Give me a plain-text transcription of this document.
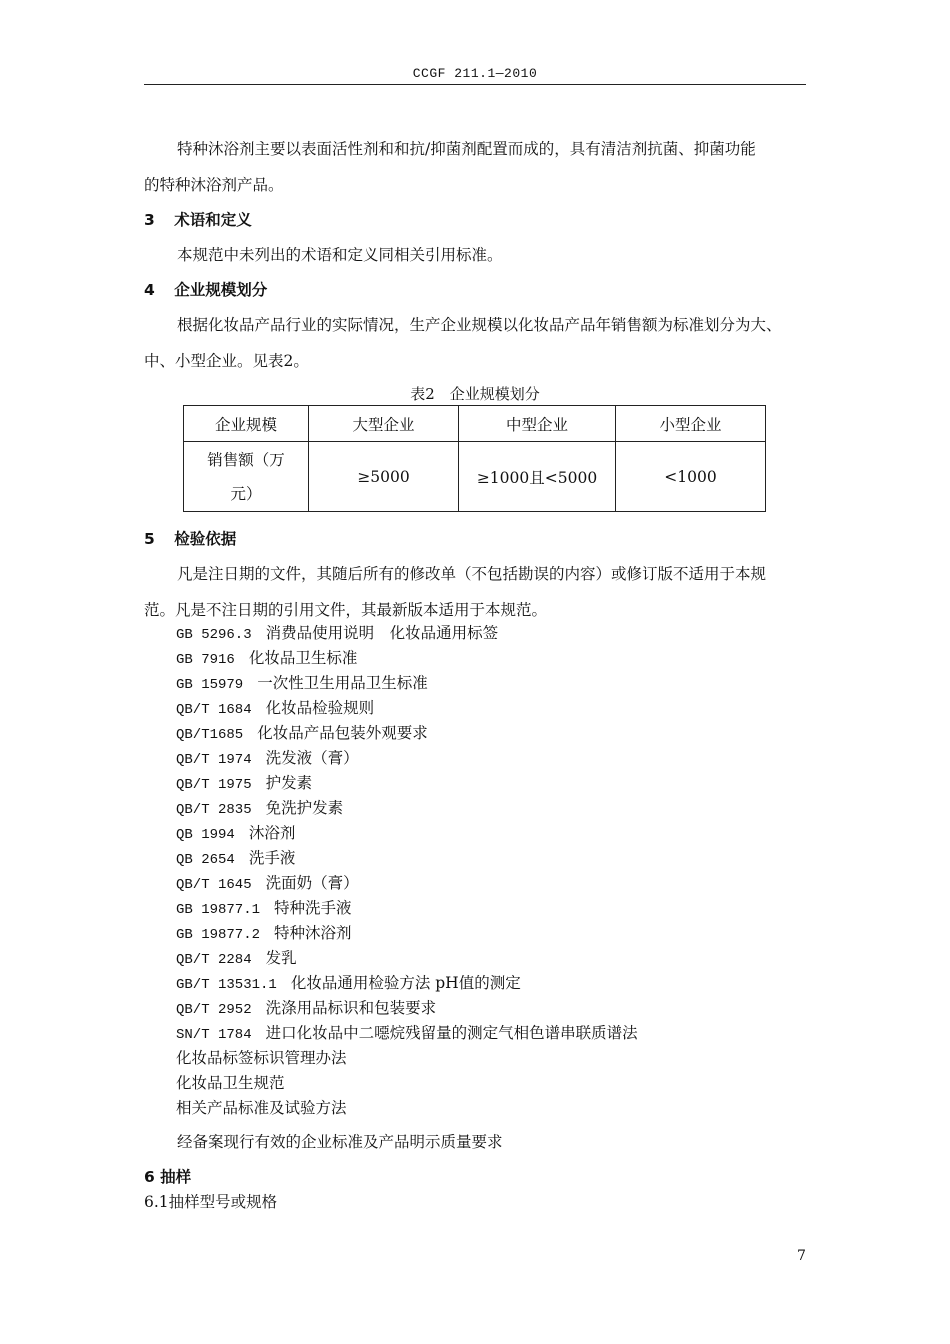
CCGF 211.1—2010
特种沐浴剂主要以表面活性剂和和抗/抑菌剂配置而成的，具有清洁剂抗菌、抑菌功能
的特种沐浴剂产品。
3 术语和定义
本规范中未列出的术语和定义同相关引用标准。
4 企业规模划分
根据化妆品产品行业的实际情况，生产企业规模以化妆品产品年销售额为标准划分为大、
中、小型企业。见表2。
表2　企业规模划分
企业规模	大型企业	中型企业	小型企业

销售额（万
元）	≥5000	≥1000且<5000	<1000
5 检验依据
凡是注日期的文件，其随后所有的修改单（不包括勘误的内容）或修订版不适用于本规
范。凡是不注日期的引用文件，其最新版本适用于本规范。
GB 5296.3 消费品使用说明　化妆品通用标签
GB 7916 化妆品卫生标准
GB 15979 一次性卫生用品卫生标准
QB/T 1684 化妆品检验规则
QB/T1685 化妆品产品包装外观要求
QB/T 1974 洗发液（膏）
QB/T 1975 护发素
QB/T 2835 免洗护发素
QB 1994 沐浴剂
QB 2654 洗手液
QB/T 1645 洗面奶（膏）
GB 19877.1 特种洗手液
GB 19877.2 特种沐浴剂
QB/T 2284 发乳
GB/T 13531.1 化妆品通用检验方法 pH值的测定
QB/T 2952 洗涤用品标识和包装要求
SN/T 1784 进口化妆品中二噁烷残留量的测定气相色谱串联质谱法
化妆品标签标识管理办法
化妆品卫生规范
相关产品标准及试验方法
经备案现行有效的企业标准及产品明示质量要求
6 抽样
6.1抽样型号或规格
7
